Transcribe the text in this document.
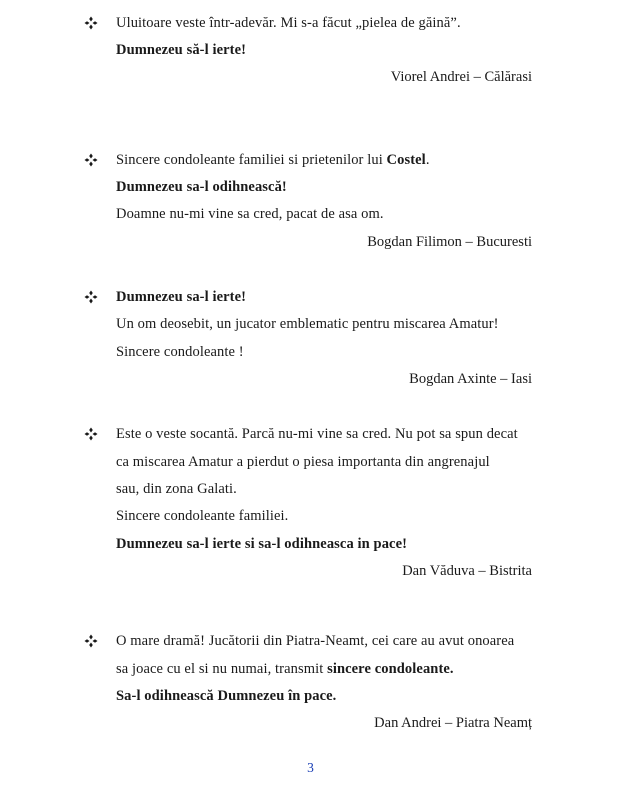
Uluitoare veste într-adevăr. Mi s-a făcut „pielea de găină”.
Dumnezeu să-l ierte!
Viorel Andrei – Călărasi
Sincere condoleante familiei si prietenilor lui Costel.
Dumnezeu sa-l odihnească!
Doamne nu-mi vine sa cred, pacat de asa om.
Bogdan Filimon – Bucuresti
Dumnezeu sa-l ierte!
Un om deosebit, un jucator emblematic pentru miscarea Amatur!
Sincere condoleante !
Bogdan Axinte – Iasi
Este o veste socantă. Parcă nu-mi vine sa cred. Nu pot sa spun decat
ca miscarea Amatur a pierdut o piesa importanta din angrenajul
sau, din zona Galati.
Sincere condoleante familiei.
Dumnezeu sa-l ierte si sa-l odihneasca in pace!
Dan Văduva – Bistrita
O mare dramă! Jucătorii din Piatra-Neamt, cei care au avut onoarea
sa joace cu el si nu numai, transmit sincere condoleante.
Sa-l odihnească Dumnezeu în pace.
Dan Andrei – Piatra Neamț
3
